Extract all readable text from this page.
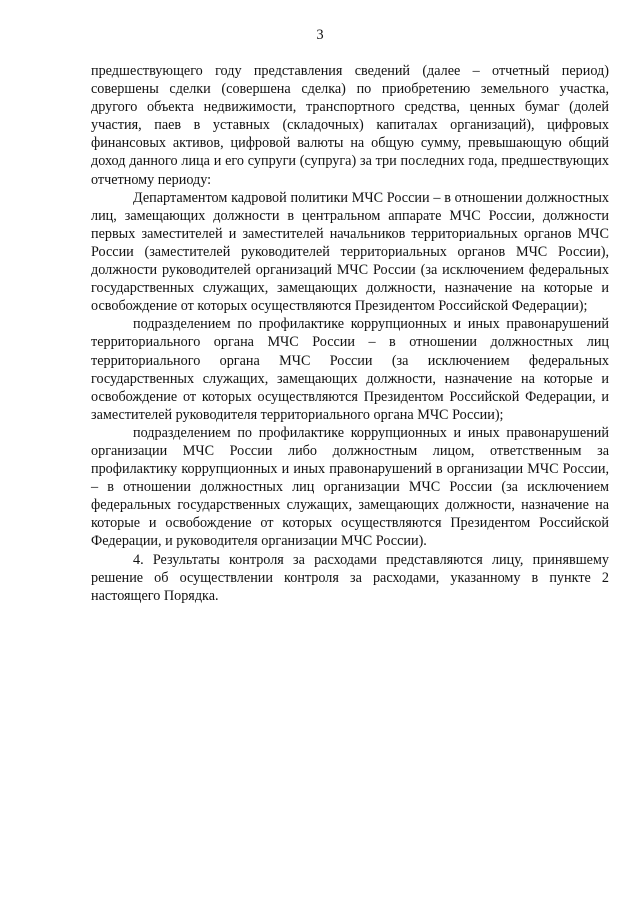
3

предшествующего году представления сведений (далее – отчетный период) совершены сделки (совершена сделка) по приобретению земельного участка, другого объекта недвижимости, транспортного средства, ценных бумаг (долей участия, паев в уставных (складочных) капиталах организаций), цифровых финансовых активов, цифровой валюты на общую сумму, превышающую общий доход данного лица и его супруги (супруга) за три последних года, предшествующих отчетному периоду:

Департаментом кадровой политики МЧС России – в отношении должностных лиц, замещающих должности в центральном аппарате МЧС России, должности первых заместителей и заместителей начальников территориальных органов МЧС России (заместителей руководителей территориальных органов МЧС России), должности руководителей организаций МЧС России (за исключением федеральных государственных служащих, замещающих должности, назначение на которые и освобождение от которых осуществляются Президентом Российской Федерации);

подразделением по профилактике коррупционных и иных правонарушений территориального органа МЧС России – в отношении должностных лиц территориального органа МЧС России (за исключением федеральных государственных служащих, замещающих должности, назначение на которые и освобождение от которых осуществляются Президентом Российской Федерации, и заместителей руководителя территориального органа МЧС России);

подразделением по профилактике коррупционных и иных правонарушений организации МЧС России либо должностным лицом, ответственным за профилактику коррупционных и иных правонарушений в организации МЧС России, – в отношении должностных лиц организации МЧС России (за исключением федеральных государственных служащих, замещающих должности, назначение на которые и освобождение от которых осуществляются Президентом Российской Федерации, и руководителя организации МЧС России).

4. Результаты контроля за расходами представляются лицу, принявшему решение об осуществлении контроля за расходами, указанному в пункте 2 настоящего Порядка.
